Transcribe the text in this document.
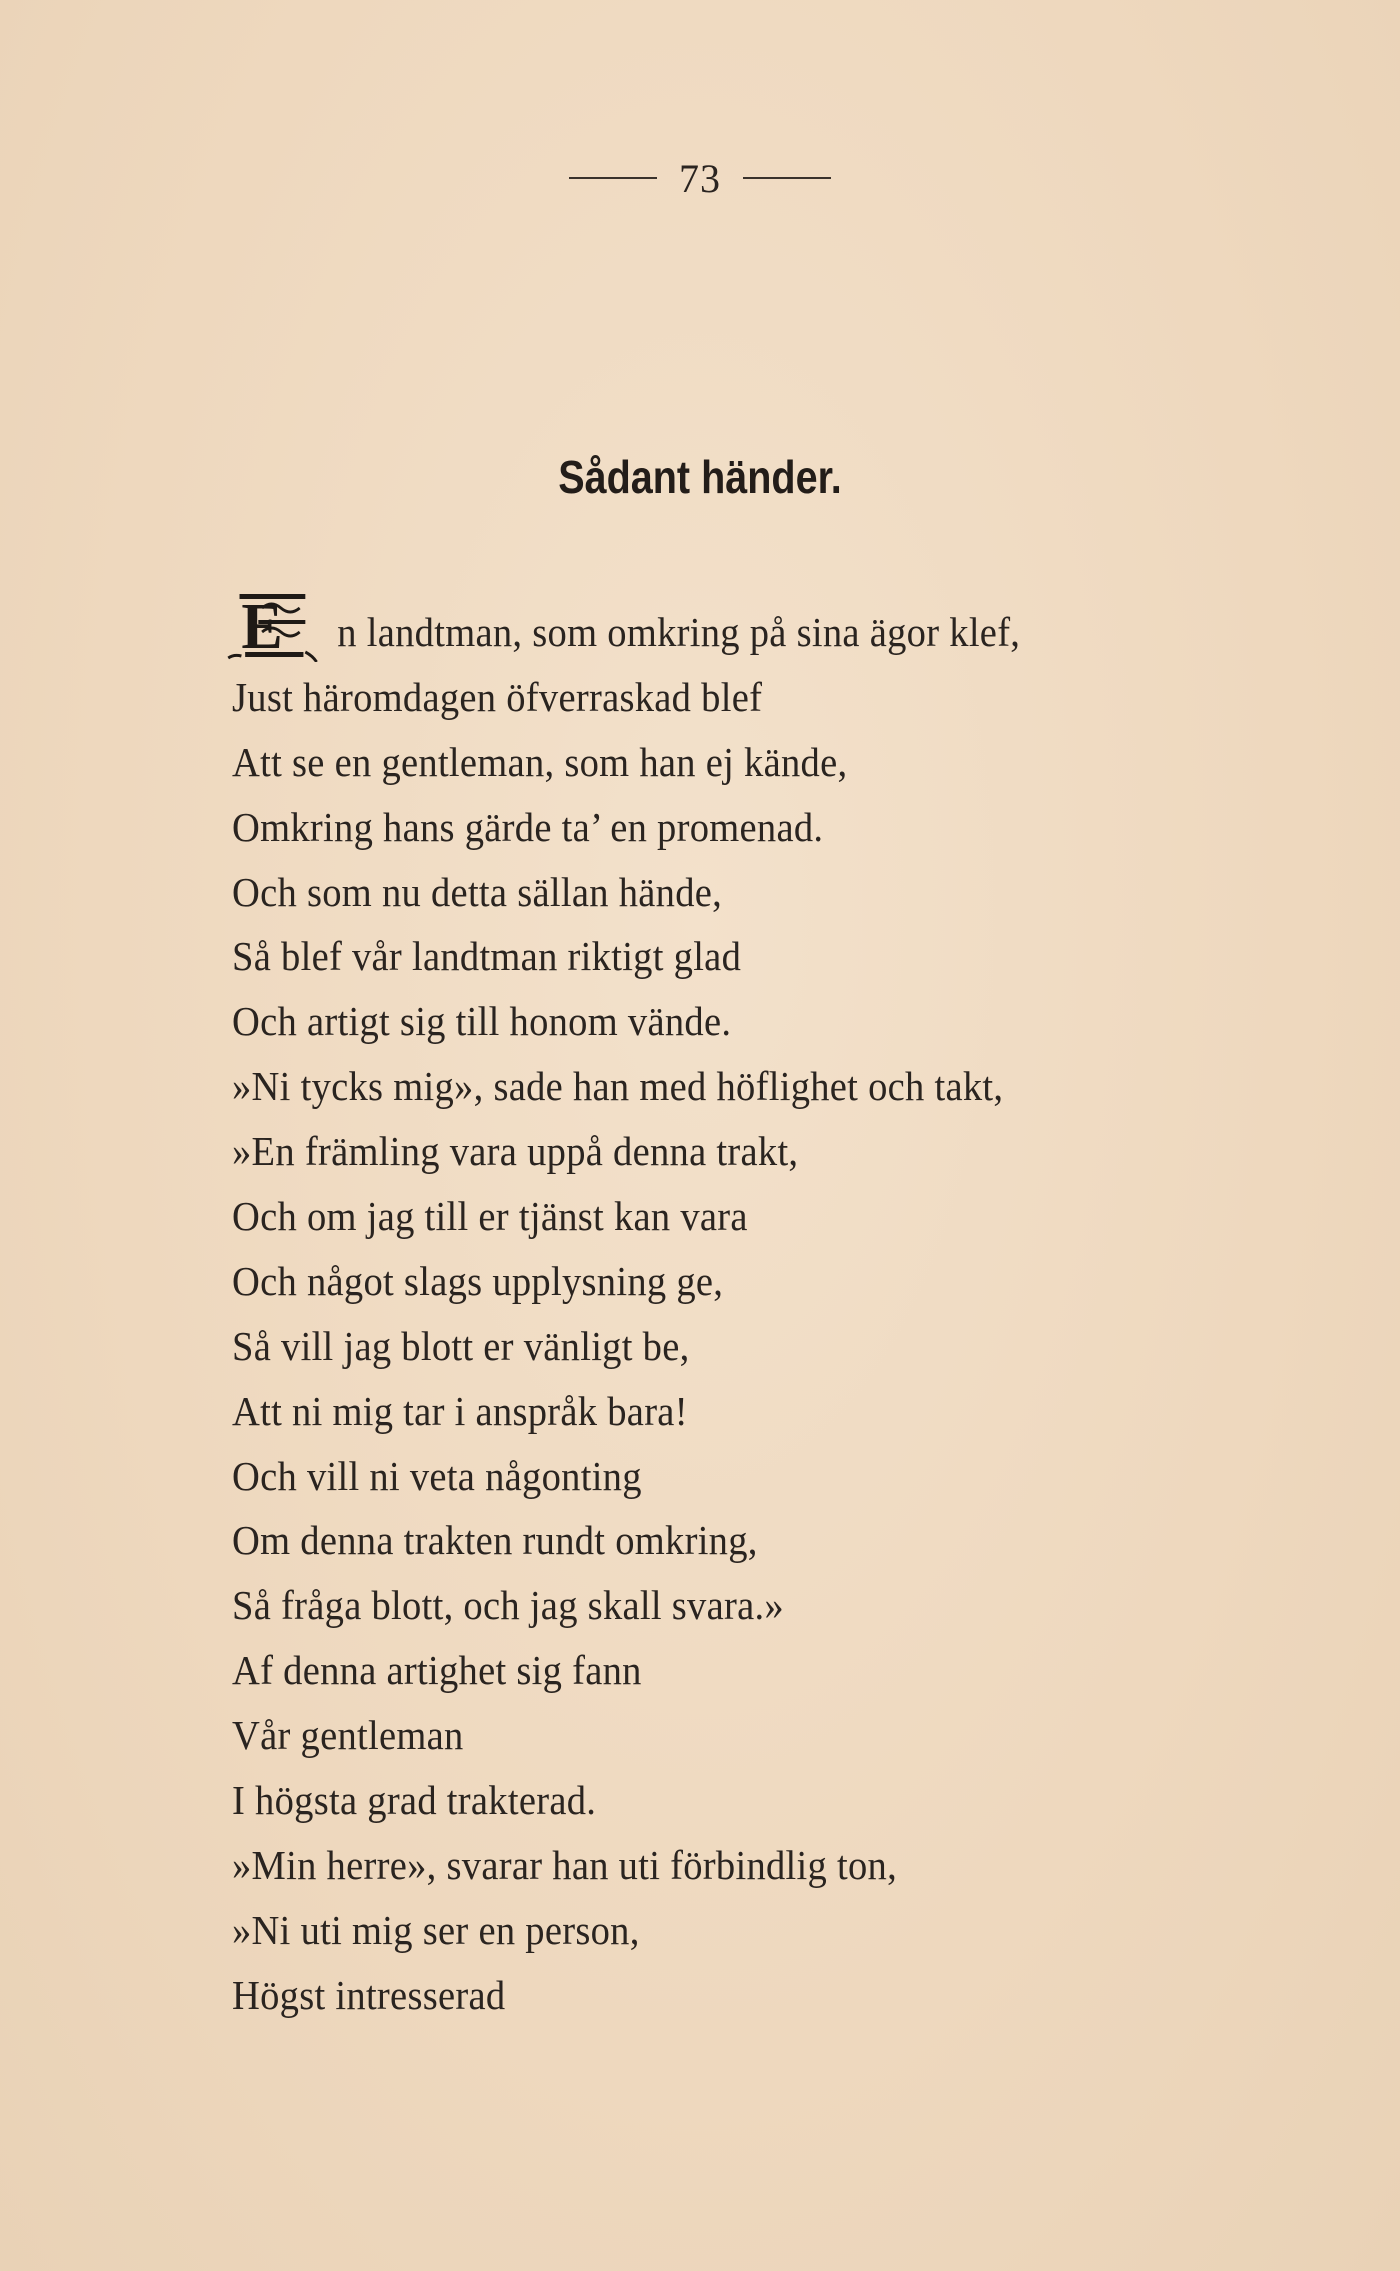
73
Sådant händer.
E n landtman, som omkring på sina ägor klef,
Just häromdagen öfverraskad blef
Att se en gentleman, som han ej kände,
Omkring hans gärde ta’ en promenad.
Och som nu detta sällan hände,
Så blef vår landtman riktigt glad
Och artigt sig till honom vände.
»Ni tycks mig», sade han med höflighet och takt,
»En främling vara uppå denna trakt,
Och om jag till er tjänst kan vara
Och något slags upplysning ge,
Så vill jag blott er vänligt be,
Att ni mig tar i anspråk bara!
Och vill ni veta någonting
Om denna trakten rundt omkring,
Så fråga blott, och jag skall svara.»
Af denna artighet sig fann
Vår gentleman
I högsta grad trakterad.
»Min herre», svarar han uti förbindlig ton,
»Ni uti mig ser en person,
Högst intresserad
